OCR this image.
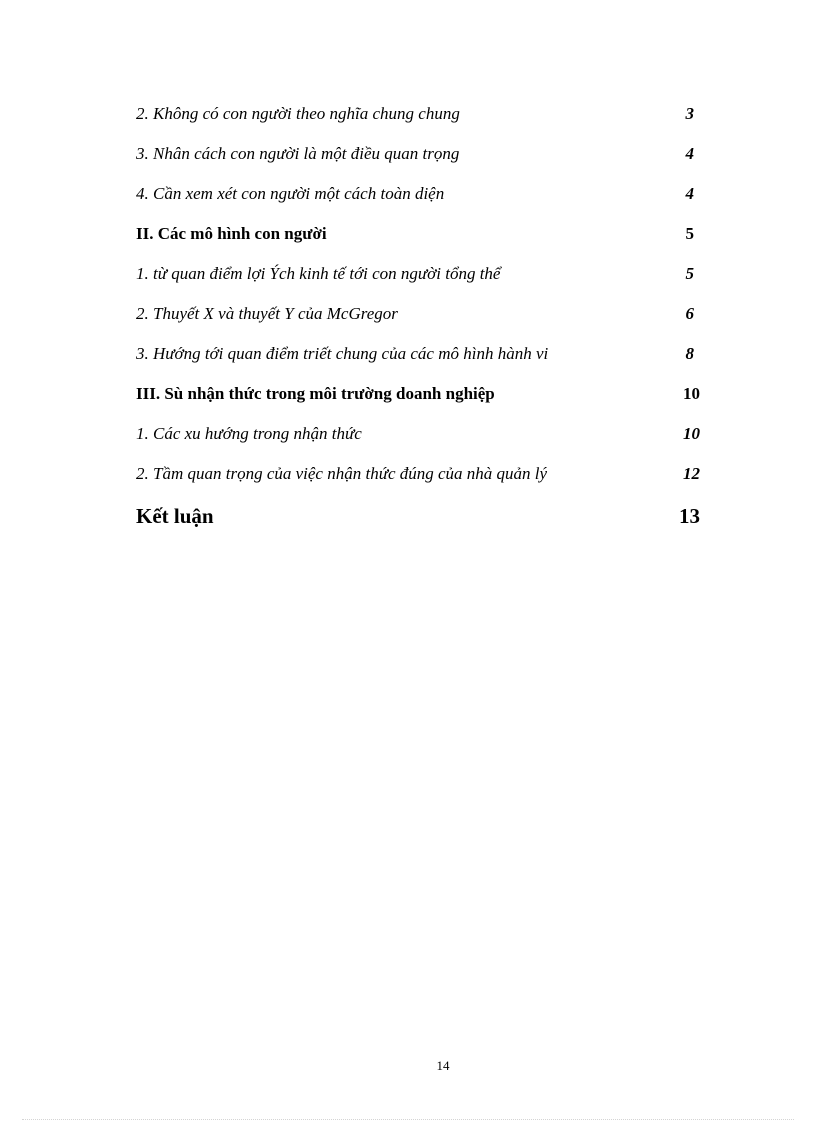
2. Không có con người theo nghĩa chung chung	3
3. Nhân cách con người là một điều quan trọng	4
4. Cần xem xét con người một cách toàn diện	4
II. Các mô hình con người	5
1. từ quan điểm lợi Ých kinh tế tới con người tổng thể	5
2. Thuyết X và thuyết Y của McGregor	6
3. Hướng tới quan điểm triết chung của các mô hình hành vi	8
III. Sù nhận thức trong môi trường doanh nghiệp	10
1. Các xu hướng trong nhận thức	10
2. Tầm quan trọng của việc nhận thức đúng của nhà quản lý	12
Kết luận	13
14
